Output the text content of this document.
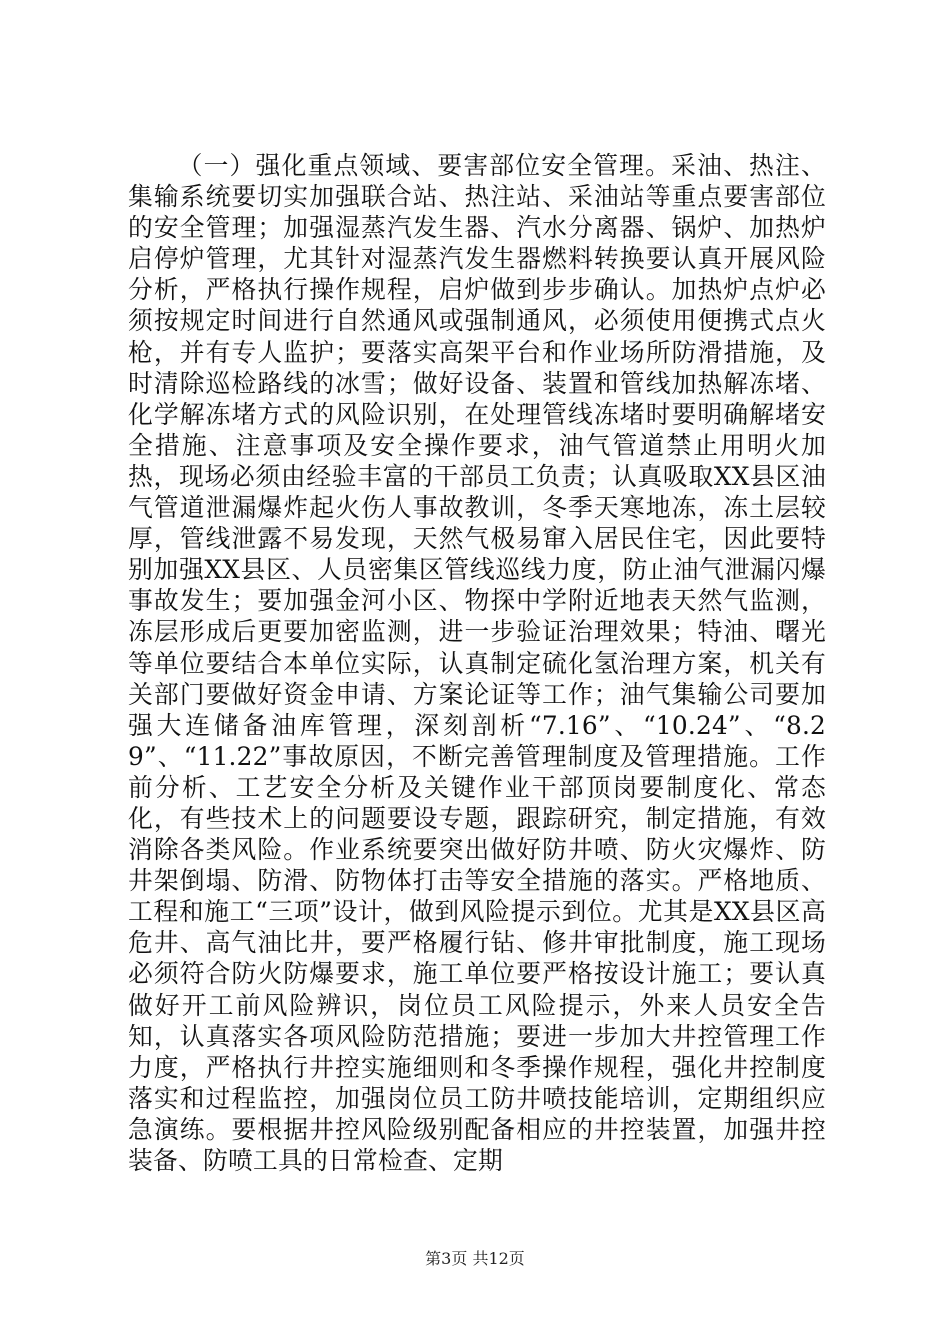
（一）强化重点领域、要害部位安全管理。采油、热注、集输系统要切实加强联合站、热注站、采油站等重点要害部位的安全管理；加强湿蒸汽发生器、汽水分离器、锅炉、加热炉启停炉管理，尤其针对湿蒸汽发生器燃料转换要认真开展风险分析，严格执行操作规程，启炉做到步步确认。加热炉点炉必须按规定时间进行自然通风或强制通风，必须使用便携式点火枪，并有专人监护；要落实高架平台和作业场所防滑措施，及时清除巡检路线的冰雪；做好设备、装置和管线加热解冻堵、化学解冻堵方式的风险识别，在处理管线冻堵时要明确解堵安全措施、注意事项及安全操作要求，油气管道禁止用明火加热，现场必须由经验丰富的干部员工负责；认真吸取XX县区油气管道泄漏爆炸起火伤人事故教训，冬季天寒地冻，冻土层较厚，管线泄露不易发现，天然气极易窜入居民住宅，因此要特别加强XX县区、人员密集区管线巡线力度，防止油气泄漏闪爆事故发生；要加强金河小区、物探中学附近地表天然气监测，冻层形成后更要加密监测，进一步验证治理效果；特油、曙光等单位要结合本单位实际，认真制定硫化氢治理方案，机关有关部门要做好资金申请、方案论证等工作；油气集输公司要加强大连储备油库管理，深刻剖析“7.16”、“10.24”、“8.29”、“11.22”事故原因，不断完善管理制度及管理措施。工作前分析、工艺安全分析及关键作业干部顶岗要制度化、常态化，有些技术上的问题要设专题，跟踪研究，制定措施，有效消除各类风险。作业系统要突出做好防井喷、防火灾爆炸、防井架倒塌、防滑、防物体打击等安全措施的落实。严格地质、工程和施工“三项”设计，做到风险提示到位。尤其是XX县区高危井、高气油比井，要严格履行钻、修井审批制度，施工现场必须符合防火防爆要求，施工单位要严格按设计施工；要认真做好开工前风险辨识，岗位员工风险提示，外来人员安全告知，认真落实各项风险防范措施；要进一步加大井控管理工作力度，严格执行井控实施细则和冬季操作规程，强化井控制度落实和过程监控，加强岗位员工防井喷技能培训，定期组织应急演练。要根据井控风险级别配备相应的井控装置，加强井控装备、防喷工具的日常检查、定期

第3页 共12页
